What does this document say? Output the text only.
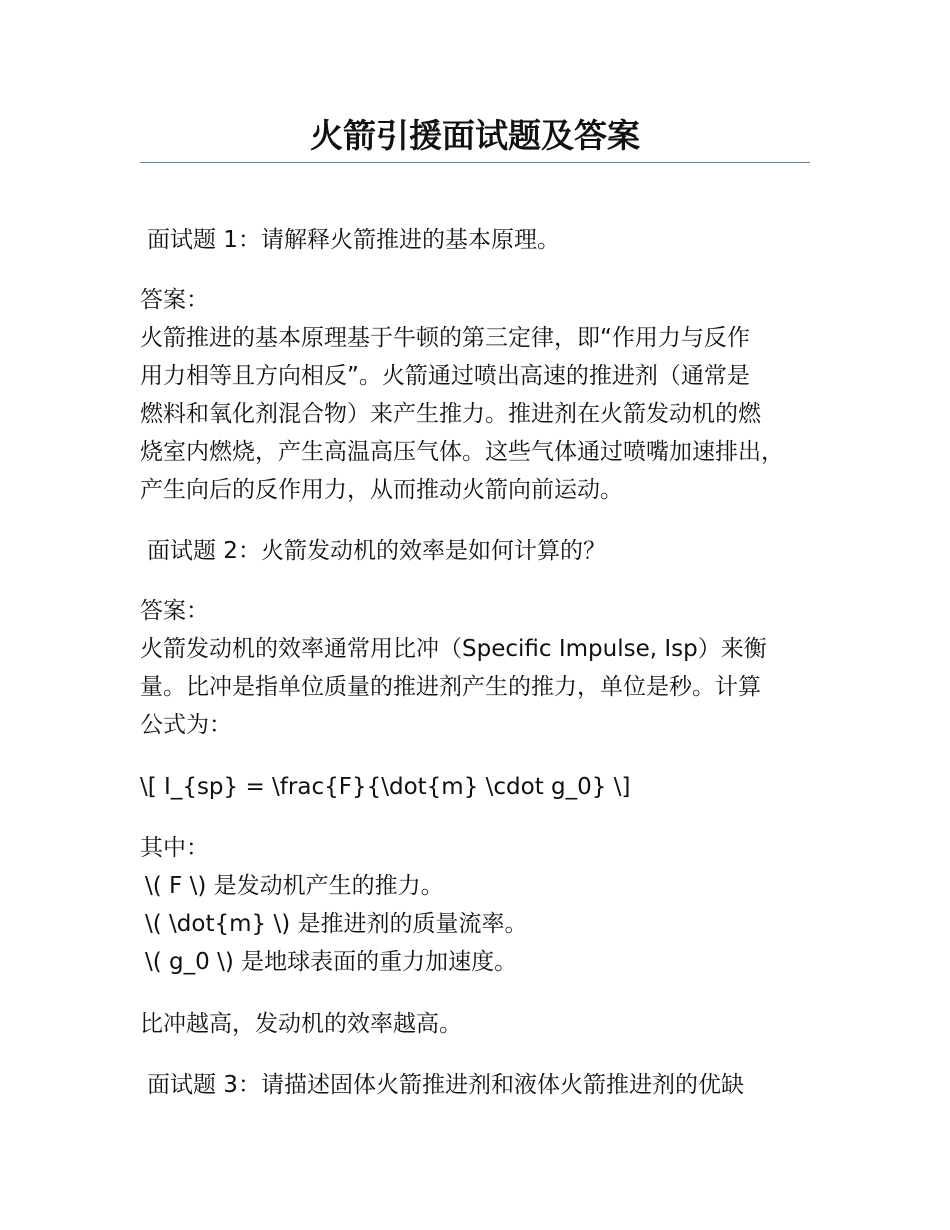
火箭引援面试题及答案

面试题 1：请解释火箭推进的基本原理。

答案：

火箭推进的基本原理基于牛顿的第三定律，即“作用力与反作

用力相等且方向相反”。火箭通过喷出高速的推进剂（通常是

燃料和氧化剂混合物）来产生推力。推进剂在火箭发动机的燃

烧室内燃烧，产生高温高压气体。这些气体通过喷嘴加速排出，

产生向后的反作用力，从而推动火箭向前运动。

面试题 2：火箭发动机的效率是如何计算的？

答案：

火箭发动机的效率通常用比冲（Specific Impulse, Isp）来衡

量。比冲是指单位质量的推进剂产生的推力，单位是秒。计算

公式为：

\[ I_{sp} = \frac{F}{\dot{m} \cdot g_0} \]

其中：

\( F \) 是发动机产生的推力。

\( \dot{m} \) 是推进剂的质量流率。

\( g_0 \) 是地球表面的重力加速度。

比冲越高，发动机的效率越高。

面试题 3：请描述固体火箭推进剂和液体火箭推进剂的优缺
